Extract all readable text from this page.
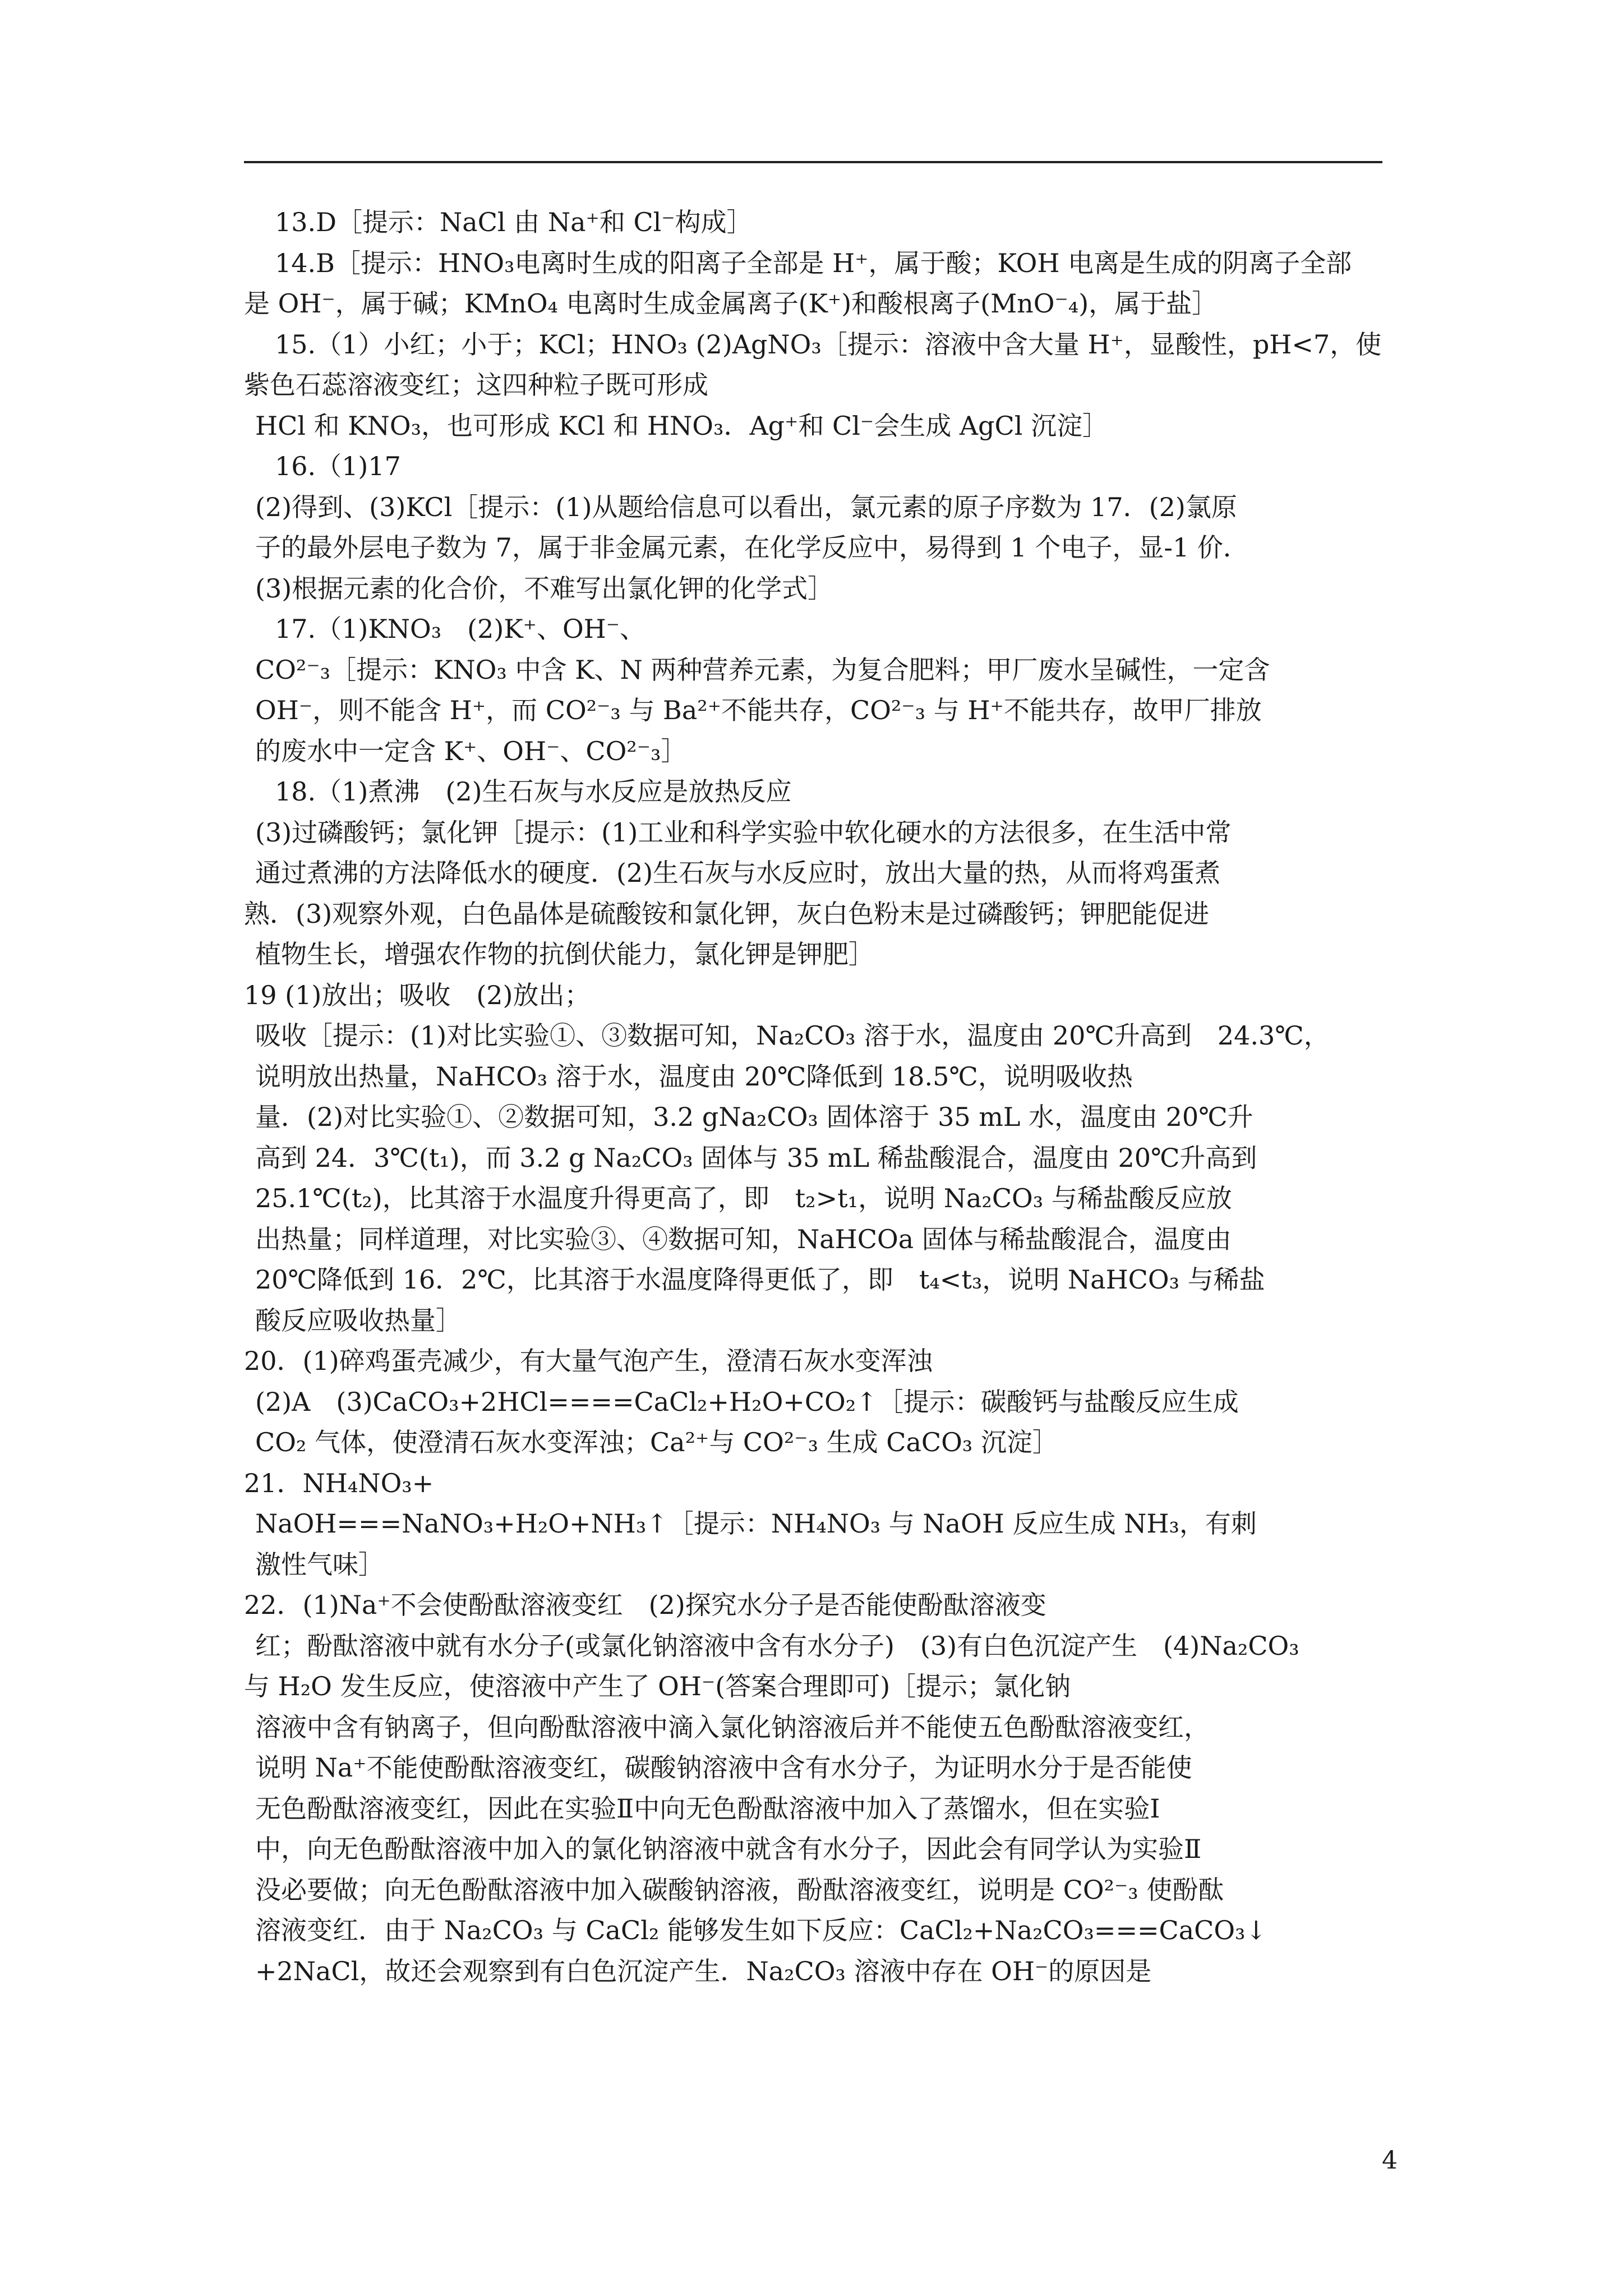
13.D［提示：NaCl 由 Na⁺和 Cl⁻构成］
14.B［提示：HNO₃电离时生成的阳离子全部是 H⁺，属于酸；KOH 电离是生成的阴离子全部
是 OH⁻，属于碱；KMnO₄ 电离时生成金属离子(K⁺)和酸根离子(MnO⁻₄)，属于盐］
15.（1）小红；小于；KCl；HNO₃ (2)AgNO₃［提示：溶液中含大量 H⁺，显酸性，pH<7，使
紫色石蕊溶液变红；这四种粒子既可形成
HCl 和 KNO₃，也可形成 KCl 和 HNO₃．Ag⁺和 Cl⁻会生成 AgCl 沉淀］
16.（1)17
(2)得到、(3)KCl［提示：(1)从题给信息可以看出，氯元素的原子序数为 17．(2)氯原
子的最外层电子数为 7，属于非金属元素，在化学反应中，易得到 1 个电子，显-1 价．
(3)根据元素的化合价，不难写出氯化钾的化学式］
17.（1)KNO₃　(2)K⁺、OH⁻、
CO²⁻₃［提示：KNO₃ 中含 K、N 两种营养元素，为复合肥料；甲厂废水呈碱性，一定含
OH⁻，则不能含 H⁺，而 CO²⁻₃ 与 Ba²⁺不能共存，CO²⁻₃ 与 H⁺不能共存，故甲厂排放
的废水中一定含 K⁺、OH⁻、CO²⁻₃］
18.（1)煮沸　(2)生石灰与水反应是放热反应
(3)过磷酸钙；氯化钾［提示：(1)工业和科学实验中软化硬水的方法很多，在生活中常
通过煮沸的方法降低水的硬度．(2)生石灰与水反应时，放出大量的热，从而将鸡蛋煮
熟．(3)观察外观，白色晶体是硫酸铵和氯化钾，灰白色粉末是过磷酸钙；钾肥能促进
植物生长，增强农作物的抗倒伏能力，氯化钾是钾肥］
19 (1)放出；吸收　(2)放出；
吸收［提示：(1)对比实验①、③数据可知，Na₂CO₃ 溶于水，温度由 20℃升高到　24.3℃，
说明放出热量，NaHCO₃ 溶于水，温度由 20℃降低到 18.5℃，说明吸收热
量．(2)对比实验①、②数据可知，3.2 gNa₂CO₃ 固体溶于 35 mL 水，温度由 20℃升
高到 24．3℃(t₁)，而 3.2 g Na₂CO₃ 固体与 35 mL 稀盐酸混合，温度由 20℃升高到
25.1℃(t₂)，比其溶于水温度升得更高了，即　t₂>t₁，说明 Na₂CO₃ 与稀盐酸反应放
出热量；同样道理，对比实验③、④数据可知，NaHCOa 固体与稀盐酸混合，温度由
20℃降低到 16．2℃，比其溶于水温度降得更低了，即　t₄<t₃，说明 NaHCO₃ 与稀盐
酸反应吸收热量］
20．(1)碎鸡蛋壳减少，有大量气泡产生，澄清石灰水变浑浊
(2)A　(3)CaCO₃+2HCl====CaCl₂+H₂O+CO₂↑［提示：碳酸钙与盐酸反应生成
CO₂ 气体，使澄清石灰水变浑浊；Ca²⁺与 CO²⁻₃ 生成 CaCO₃ 沉淀］
21．NH₄NO₃+
NaOH===NaNO₃+H₂O+NH₃↑［提示：NH₄NO₃ 与 NaOH 反应生成 NH₃，有刺
激性气味］
22．(1)Na⁺不会使酚酞溶液变红　(2)探究水分子是否能使酚酞溶液变
红；酚酞溶液中就有水分子(或氯化钠溶液中含有水分子)　(3)有白色沉淀产生　(4)Na₂CO₃
与 H₂O 发生反应，使溶液中产生了 OH⁻(答案合理即可)［提示；氯化钠
溶液中含有钠离子，但向酚酞溶液中滴入氯化钠溶液后并不能使五色酚酞溶液变红，
说明 Na⁺不能使酚酞溶液变红，碳酸钠溶液中含有水分子，为证明水分于是否能使
无色酚酞溶液变红，因此在实验Ⅱ中向无色酚酞溶液中加入了蒸馏水，但在实验Ⅰ
中，向无色酚酞溶液中加入的氯化钠溶液中就含有水分子，因此会有同学认为实验Ⅱ
没必要做；向无色酚酞溶液中加入碳酸钠溶液，酚酞溶液变红，说明是 CO²⁻₃ 使酚酞
溶液变红．由于 Na₂CO₃ 与 CaCl₂ 能够发生如下反应：CaCl₂+Na₂CO₃===CaCO₃↓
+2NaCl，故还会观察到有白色沉淀产生．Na₂CO₃ 溶液中存在 OH⁻的原因是
4
